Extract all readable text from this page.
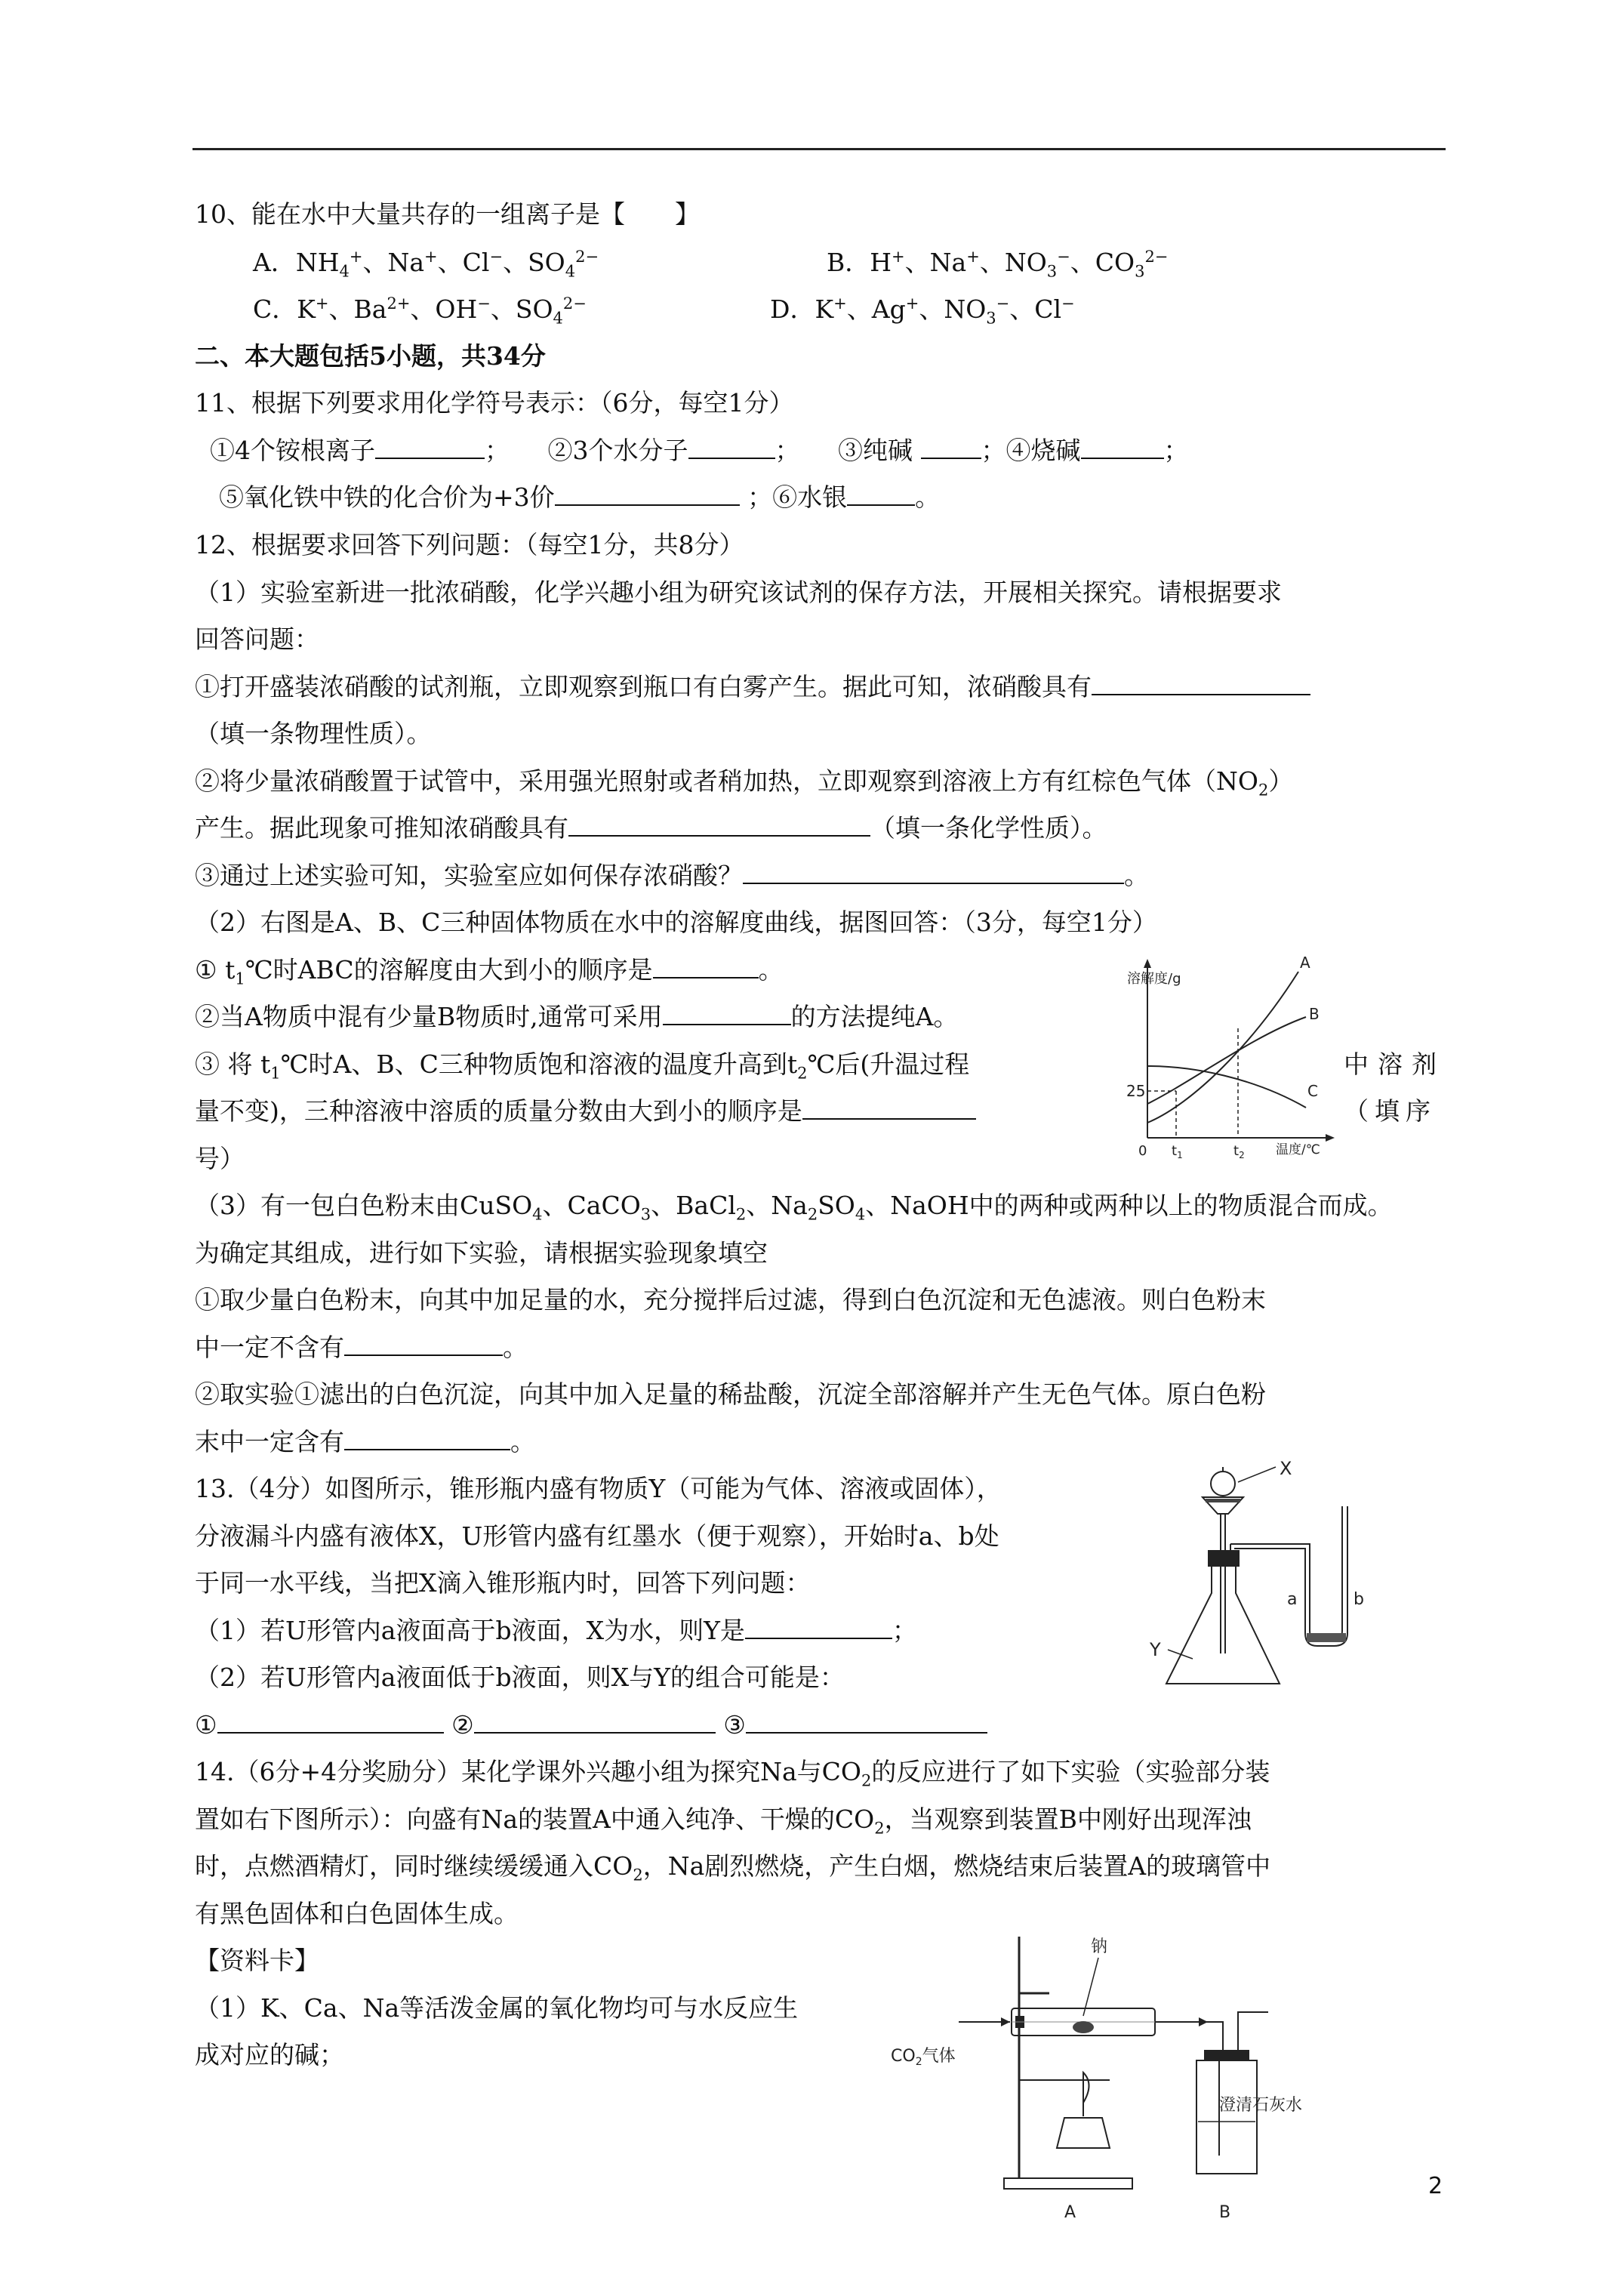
10、能在水中大量共存的一组离子是【　　】
A．$NH_4^+$、Na+、Cl−、$SO_4^{2-}$	B．H+、Na+、$NO_3^-$、$CO_3^{2-}$
C．K+、$Ba^{2+}$、OH−、$SO_4^{2-}$	D．K+、Ag+、$NO_3^-$、Cl−
二、本大题包括5小题，共34分
11、根据下列要求用化学符号表示：（6分，每空1分）
①4个铵根离子	； ②3个水分子	； ③纯碱	；④烧碱	；
⑤氧化铁中铁的化合价为+3价	；⑥水银	。
12、根据要求回答下列问题：（每空1分，共8分）
（1）实验室新进一批浓硝酸，化学兴趣小组为研究该试剂的保存方法，开展相关探究。请根据要求
回答问题：
①打开盛装浓硝酸的试剂瓶，立即观察到瓶口有白雾产生。据此可知，浓硝酸具有
（填一条物理性质）。
②将少量浓硝酸置于试管中，采用强光照射或者稍加热，立即观察到溶液上方有红棕色气体$(NO_2)$
产生。据此现象可推知浓硝酸具有	（填一条化学性质）。
③通过上述实验可知，实验室应如何保存浓硝酸？	。
（2）右图是A、B、C三种固体物质在水中的溶解度曲线，据图回答：（3分，每空1分）
① $t_1℃$时ABC的溶解度由大到小的顺序是	。
②当A物质中混有少量B物质时,通常可采用	的方法提纯A。
③ 将 $t_1℃$时A、B、C三种物质饱和溶液的温度升高到$t_2℃$后(升温过程	中溶剂
量不变)，三种溶液中溶质的质量分数由大到小的顺序是	（填序
号）
（3）有一包白色粉末由CuSO$_4$、CaCO$_3$、BaCl$_2$、$Na_2SO_4$、NaOH中的两种或两种以上的物质混合而成。
为确定其组成，进行如下实验，请根据实验现象填空
①取少量白色粉末，向其中加足量的水，充分搅拌后过滤，得到白色沉淀和无色滤液。则白色粉末
中一定不含有	。
②取实验①滤出的白色沉淀，向其中加入足量的稀盐酸，沉淀全部溶解并产生无色气体。原白色粉
末中一定含有	。
溶解度/g
25
A
B
C
0 $t_1$	$t_2$ 温度/℃
13.（4分）如图所示，锥形瓶内盛有物质Y（可能为气体、溶液或固体），
分液漏斗内盛有液体X，U形管内盛有红墨水（便于观察），开始时a、b处
于同一水平线，当把X滴入锥形瓶内时，回答下列问题：
（1）若U形管内a液面高于b液面，X为水，则Y是	；
（2）若U形管内a液面低于b液面，则X与Y的组合可能是：
①	②	③
X
a	b
Y
14.（6分+4分奖励分）某化学课外兴趣小组为探究Na与$CO_2$的反应进行了如下实验（实验部分装
置如右下图所示）：向盛有Na的装置A中通入纯净、干燥的$CO_2$，当观察到装置B中刚好出现浑浊
时，点燃酒精灯，同时继续缓缓通入$CO_2$，Na剧烈燃烧，产生白烟，燃烧结束后装置A的玻璃管中
有黑色固体和白色固体生成。
【资料卡】
（1）K、Ca、Na等活泼金属的氧化物均可与水反应生
成对应的碱；	$CO_2$气体
钠
澄清石灰水
A	B
2
